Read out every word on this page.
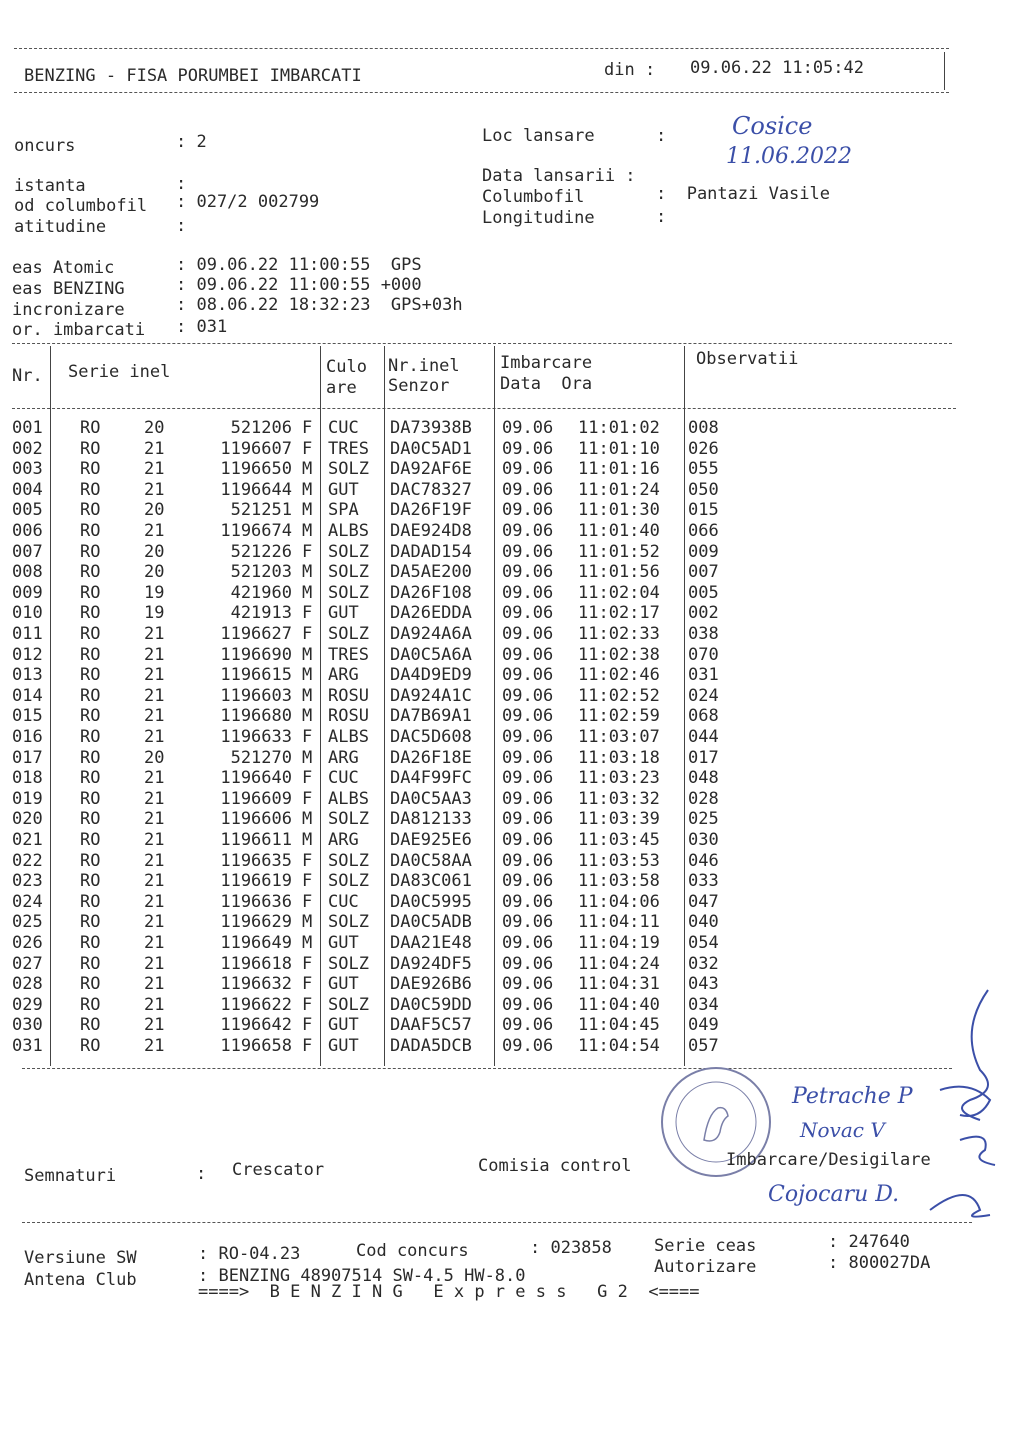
BENZING - FISA PORUMBEI IMBARCATI	din : 09.06.22 11:05:42
oncurs	: 2
istanta	:
od columbofil : 027/2 002799
atitudine	:
Loc lansare	:	Cosice
11.06.2022
Data lansarii :
Columbofil	:  Pantazi Vasile
Longitudine	:
eas Atomic	: 09.06.22 11:00:55  GPS
eas BENZING	: 09.06.22 11:00:55 +000
incronizare	: 08.06.22 18:32:23  GPS+03h
or. imbarcati : 031
Nr. Serie inel	Culo
are
Nr.inel
Senzor
Imbarcare
Data  Ora
Observatii
001 RO	20	521206 F CUC DA73938B 09.06 11:01:02 008
002 RO	21	1196607 F TRES DA0C5AD1 09.06 11:01:10 026
003 RO	21	1196650 M SOLZ DA92AF6E 09.06 11:01:16 055
004 RO	21	1196644 M GUT DAC78327 09.06 11:01:24 050
005 RO	20	521251 M SPA DA26F19F 09.06 11:01:30 015
006 RO	21	1196674 M ALBS DAE924D8 09.06 11:01:40 066
007 RO	20	521226 F SOLZ DADAD154 09.06 11:01:52 009
008 RO	20	521203 M SOLZ DA5AE200 09.06 11:01:56 007
009 RO	19	421960 M SOLZ DA26F108 09.06 11:02:04 005
010 RO	19	421913 F GUT DA26EDDA 09.06 11:02:17 002
011 RO	21	1196627 F SOLZ DA924A6A 09.06 11:02:33 038
012 RO	21	1196690 M TRES DA0C5A6A 09.06 11:02:38 070
013 RO	21	1196615 M ARG DA4D9ED9 09.06 11:02:46 031
014 RO	21	1196603 M ROSU DA924A1C 09.06 11:02:52 024
015 RO	21	1196680 M ROSU DA7B69A1 09.06 11:02:59 068
016 RO	21	1196633 F ALBS DAC5D608 09.06 11:03:07 044
017 RO	20	521270 M ARG DA26F18E 09.06 11:03:18 017
018 RO	21	1196640 F CUC DA4F99FC 09.06 11:03:23 048
019 RO	21	1196609 F ALBS DA0C5AA3 09.06 11:03:32 028
020 RO	21	1196606 M SOLZ DA812133 09.06 11:03:39 025
021 RO	21	1196611 M ARG DAE925E6 09.06 11:03:45 030
022 RO	21	1196635 F SOLZ DA0C58AA 09.06 11:03:53 046
023 RO	21	1196619 F SOLZ DA83C061 09.06 11:03:58 033
024 RO	21	1196636 F CUC DA0C5995 09.06 11:04:06 047
025 RO	21	1196629 M SOLZ DA0C5ADB 09.06 11:04:11 040
026 RO	21	1196649 M GUT DAA21E48 09.06 11:04:19 054
027 RO	21	1196618 F SOLZ DA924DF5 09.06 11:04:24 032
028 RO	21	1196632 F GUT DAE926B6 09.06 11:04:31 043
029 RO	21	1196622 F SOLZ DA0C59DD 09.06 11:04:40 034
030 RO	21	1196642 F GUT DAAF5C57 09.06 11:04:45 049
031 RO	21	1196658 F GUT DADA5DCB 09.06 11:04:54 057
Semnaturi	: Crescator	Comisia control	Imbarcare/Desigilare
Petrache P
Novac V
Cojocaru D.
Versiune SW	: RO-04.23	Cod concurs	: 023858 Serie ceas	: 247640
Antena Club	: BENZING 48907514 SW-4.5 HW-8.0	Autorizare	: 800027DA
====>  B E N Z I N G   E x p r e s s   G 2  <====
